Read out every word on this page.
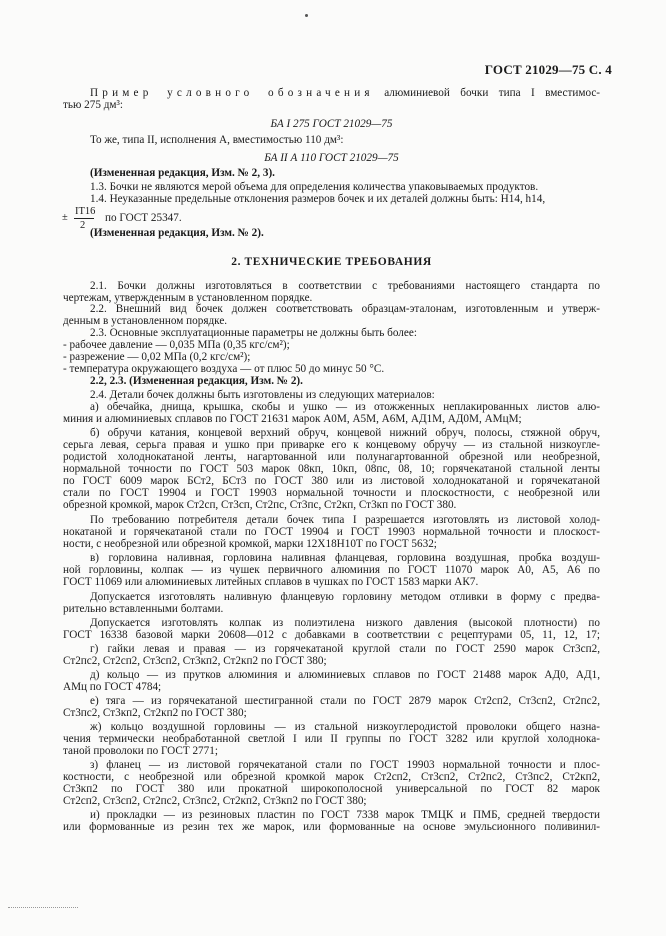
ГОСТ 21029—75 С. 4
Пример условного обозначения алюминиевой бочки типа I вместимос-
тью 275 дм³:
БА I 275 ГОСТ 21029—75
То же, типа II, исполнения А, вместимостью 110 дм³:
БА II А 110 ГОСТ 21029—75
(Измененная редакция, Изм. № 2, 3).
1.3. Бочки не являются мерой объема для определения количества упаковываемых продуктов.
1.4. Неуказанные предельные отклонения размеров бочек и их деталей должны быть: Н14, h14,
±
IT16
2
по ГОСТ 25347.
(Измененная редакция, Изм. № 2).
2. ТЕХНИЧЕСКИЕ ТРЕБОВАНИЯ
2.1. Бочки должны изготовляться в соответствии с требованиями настоящего стандарта по
чертежам, утвержденным в установленном порядке.
2.2. Внешний вид бочек должен соответствовать образцам-эталонам, изготовленным и утверж-
денным в установленном порядке.
2.3. Основные эксплуатационные параметры не должны быть более:
- рабочее давление — 0,035 МПа (0,35 кгс/см²);
- разрежение — 0,02 МПа (0,2 кгс/см²);
- температура окружающего воздуха — от плюс 50 до минус 50 °С.
2.2, 2.3. (Измененная редакция, Изм. № 2).
2.4. Детали бочек должны быть изготовлены из следующих материалов:
а) обечайка, днища, крышка, скобы и ушко — из отожженных неплакированных листов алю-
миния и алюминиевых сплавов по ГОСТ 21631 марок А0М, А5М, А6М, АД1М, АД0М, АМцМ;
б) обручи катания, концевой верхний обруч, концевой нижний обруч, полосы, стяжной обруч,
серьга левая, серьга правая и ушко при приварке его к концевому обручу — из стальной низкоугле-
родистой холоднокатаной ленты, нагартованной или полунагартованной обрезной или необрезной,
нормальной точности по ГОСТ 503 марок 08кп, 10кп, 08пс, 08, 10; горячекатаной стальной ленты
по ГОСТ 6009 марок БСт2, БСт3 по ГОСТ 380 или из листовой холоднокатаной и горячекатаной
стали по ГОСТ 19904 и ГОСТ 19903 нормальной точности и плоскостности, с необрезной или
обрезной кромкой, марок Ст2сп, Ст3сп, Ст2пс, Ст3пс, Ст2кп, Ст3кп по ГОСТ 380.
По требованию потребителя детали бочек типа I разрешается изготовлять из листовой холод-
нокатаной и горячекатаной стали по ГОСТ 19904 и ГОСТ 19903 нормальной точности и плоскост-
ности, с необрезной или обрезной кромкой, марки 12Х18Н10Т по ГОСТ 5632;
в) горловина наливная, горловина наливная фланцевая, горловина воздушная, пробка воздуш-
ной горловины, колпак — из чушек первичного алюминия по ГОСТ 11070 марок А0, А5, А6 по
ГОСТ 11069 или алюминиевых литейных сплавов в чушках по ГОСТ 1583 марки АК7.
Допускается изготовлять наливную фланцевую горловину методом отливки в форму с предва-
рительно вставленными болтами.
Допускается изготовлять колпак из полиэтилена низкого давления (высокой плотности) по
ГОСТ 16338 базовой марки 20608—012 с добавками в соответствии с рецептурами 05, 11, 12, 17;
г) гайки левая и правая — из горячекатаной круглой стали по ГОСТ 2590 марок Ст3сп2,
Ст2пс2, Ст2сп2, Ст3сп2, Ст3кп2, Ст2кп2 по ГОСТ 380;
д) кольцо — из прутков алюминия и алюминиевых сплавов по ГОСТ 21488 марок АД0, АД1,
АМц по ГОСТ 4784;
е) тяга — из горячекатаной шестигранной стали по ГОСТ 2879 марок Ст2сп2, Ст3сп2, Ст2пс2,
Ст3пс2, Ст3кп2, Ст2кп2 по ГОСТ 380;
ж) кольцо воздушной горловины — из стальной низкоуглеродистой проволоки общего назна-
чения термически необработанной светлой I или II группы по ГОСТ 3282 или круглой холоднока-
таной проволоки по ГОСТ 2771;
з) фланец — из листовой горячекатаной стали по ГОСТ 19903 нормальной точности и плос-
костности, с необрезной или обрезной кромкой марок Ст2сп2, Ст3сп2, Ст2пс2, Ст3пс2, Ст2кп2,
Ст3кп2 по ГОСТ 380 или прокатной широкополосной универсальной по ГОСТ 82 марок
Ст2сп2, Ст3сп2, Ст2пс2, Ст3пс2, Ст2кп2, Ст3кп2 по ГОСТ 380;
и) прокладки — из резиновых пластин по ГОСТ 7338 марок ТМЦК и ПМБ, средней твердости
или формованные из резин тех же марок, или формованные на основе эмульсионного поливинил-
